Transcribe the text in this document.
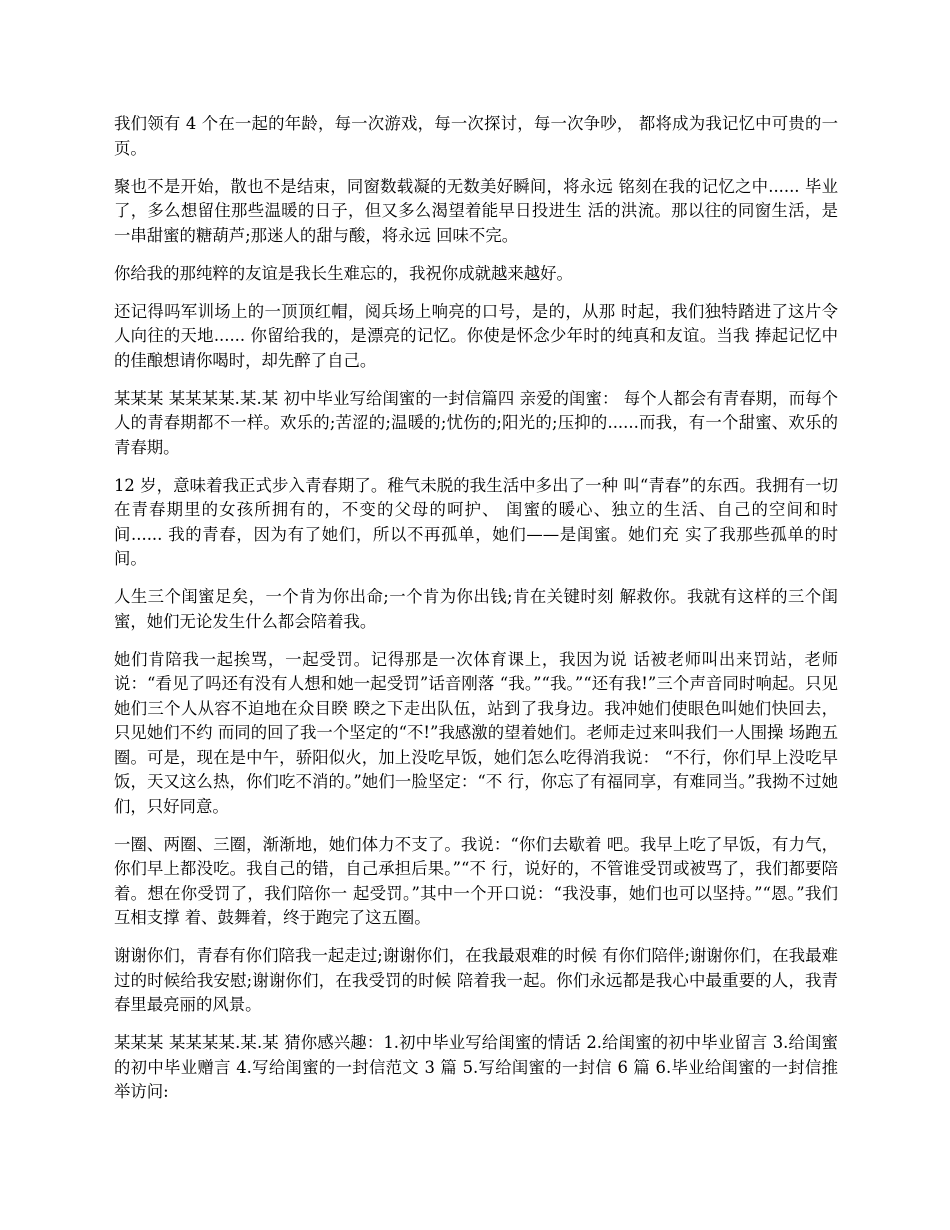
我们领有 4 个在一起的年龄，每一次游戏，每一次探讨，每一次争吵， 都将成为我记忆中可贵的一页。

聚也不是开始，散也不是结束，同窗数载凝的无数美好瞬间，将永远 铭刻在我的记忆之中...... 毕业了，多么想留住那些温暖的日子，但又多么渴望着能早日投进生 活的洪流。那以往的同窗生活，是一串甜蜜的糖葫芦;那迷人的甜与酸，将永远 回味不完。

你给我的那纯粹的友谊是我长生难忘的，我祝你成就越来越好。

还记得吗军训场上的一顶顶红帽，阅兵场上响亮的口号，是的，从那 时起，我们独特踏进了这片令人向往的天地...... 你留给我的，是漂亮的记忆。你使是怀念少年时的纯真和友谊。当我 捧起记忆中的佳酿想请你喝时，却先醉了自己。

某某某 某某某某.某.某 初中毕业写给闺蜜的一封信篇四 亲爱的闺蜜： 每个人都会有青春期，而每个人的青春期都不一样。欢乐的;苦涩的;温暖的;忧伤的;阳光的;压抑的......而我，有一个甜蜜、欢乐的青春期。

12 岁，意味着我正式步入青春期了。稚气未脱的我生活中多出了一种 叫“青春”的东西。我拥有一切在青春期里的女孩所拥有的，不变的父母的呵护、 闺蜜的暖心、独立的生活、自己的空间和时间...... 我的青春，因为有了她们，所以不再孤单，她们——是闺蜜。她们充 实了我那些孤单的时间。

人生三个闺蜜足矣，一个肯为你出命;一个肯为你出钱;肯在关键时刻 解救你。我就有这样的三个闺蜜，她们无论发生什么都会陪着我。

她们肯陪我一起挨骂，一起受罚。记得那是一次体育课上，我因为说 话被老师叫出来罚站，老师说：“看见了吗还有没有人想和她一起受罚”话音刚落 “我。”“我。”“还有我!”三个声音同时响起。只见她们三个人从容不迫地在众目睽 睽之下走出队伍，站到了我身边。我冲她们使眼色叫她们快回去，只见她们不约 而同的回了我一个坚定的“不!”我感激的望着她们。老师走过来叫我们一人围操 场跑五圈。可是，现在是中午，骄阳似火，加上没吃早饭，她们怎么吃得消我说： “不行，你们早上没吃早饭，天又这么热，你们吃不消的。”她们一脸坚定：“不 行，你忘了有福同享，有难同当。”我拗不过她们，只好同意。

一圈、两圈、三圈，渐渐地，她们体力不支了。我说：“你们去歇着 吧。我早上吃了早饭，有力气，你们早上都没吃。我自己的错，自己承担后果。”“不 行，说好的，不管谁受罚或被骂了，我们都要陪着。想在你受罚了，我们陪你一 起受罚。”其中一个开口说：“我没事，她们也可以坚持。”“恩。”我们互相支撑 着、鼓舞着，终于跑完了这五圈。

谢谢你们，青春有你们陪我一起走过;谢谢你们，在我最艰难的时候 有你们陪伴;谢谢你们，在我最难过的时候给我安慰;谢谢你们，在我受罚的时候 陪着我一起。你们永远都是我心中最重要的人，我青春里最亮丽的风景。

某某某 某某某某.某.某 猜你感兴趣：1.初中毕业写给闺蜜的情话 2.给闺蜜的初中毕业留言 3.给闺蜜的初中毕业赠言 4.写给闺蜜的一封信范文 3 篇 5.写给闺蜜的一封信 6 篇 6.毕业给闺蜜的一封信推举访问:
